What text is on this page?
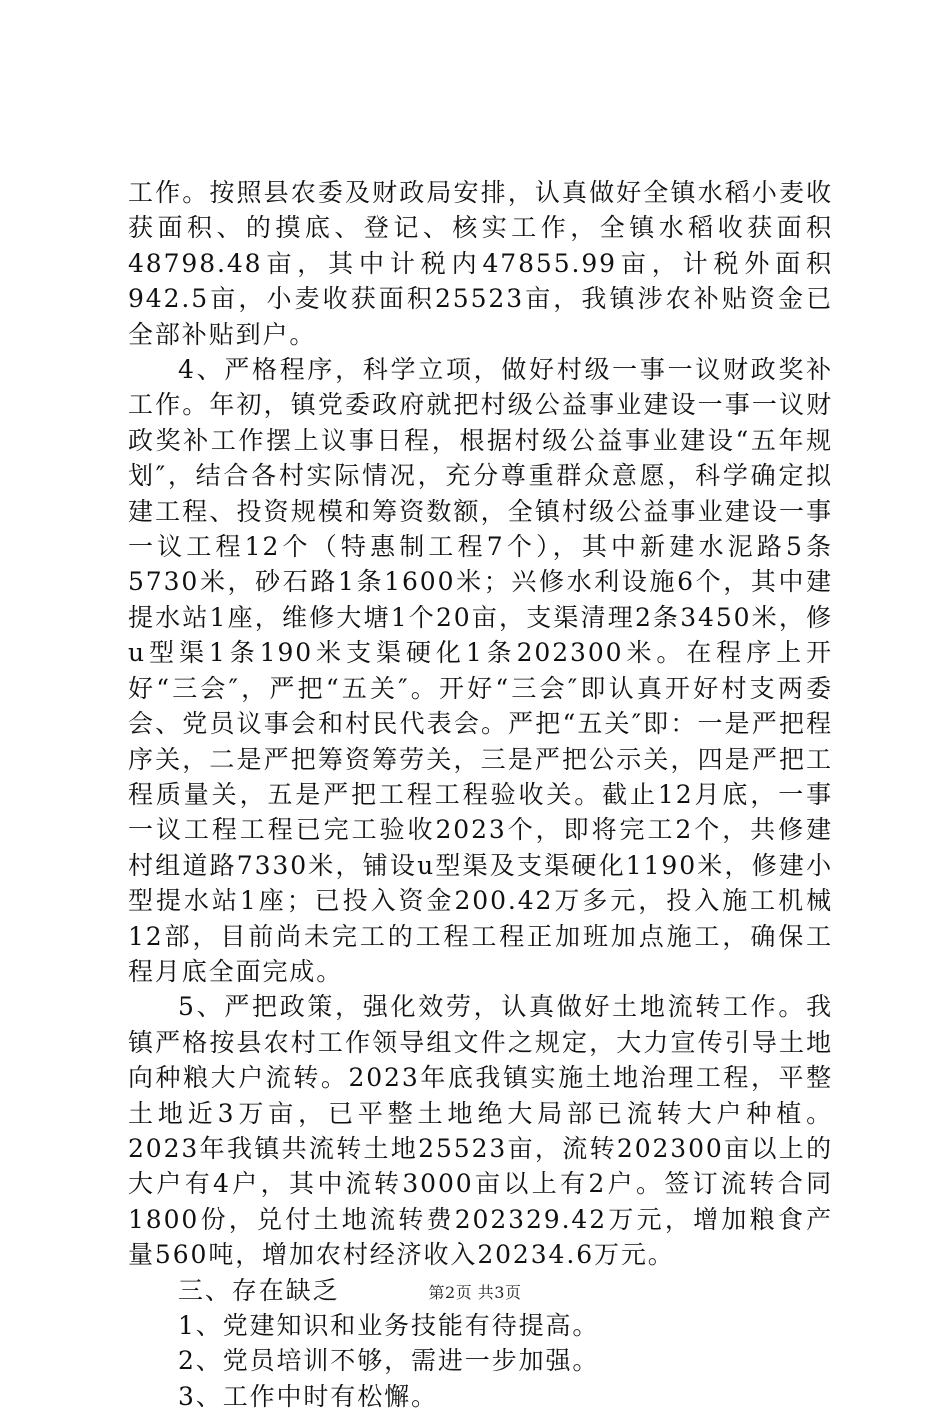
工作。按照县农委及财政局安排，认真做好全镇水稻小麦收获面积、的摸底、登记、核实工作，全镇水稻收获面积48798.48亩，其中计税内47855.99亩，计税外面积942.5亩，小麦收获面积25523亩，我镇涉农补贴资金已全部补贴到户。

4、严格程序，科学立项，做好村级一事一议财政奖补工作。年初，镇党委政府就把村级公益事业建设一事一议财政奖补工作摆上议事日程，根据村级公益事业建设“五年规划″，结合各村实际情况，充分尊重群众意愿，科学确定拟建工程、投资规模和筹资数额，全镇村级公益事业建设一事一议工程12个（特惠制工程7个），其中新建水泥路5条5730米，砂石路1条1600米；兴修水利设施6个，其中建提水站1座，维修大塘1个20亩，支渠清理2条3450米，修u型渠1条190米支渠硬化1条202300米。在程序上开好“三会″，严把“五关″。开好“三会″即认真开好村支两委会、党员议事会和村民代表会。严把“五关″即：一是严把程序关，二是严把筹资筹劳关，三是严把公示关，四是严把工程质量关，五是严把工程工程验收关。截止12月底，一事一议工程工程已完工验收2023个，即将完工2个，共修建村组道路7330米，铺设u型渠及支渠硬化1190米，修建小型提水站1座；已投入资金200.42万多元，投入施工机械12部，目前尚未完工的工程工程正加班加点施工，确保工程月底全面完成。

5、严把政策，强化效劳，认真做好土地流转工作。我镇严格按县农村工作领导组文件之规定，大力宣传引导土地向种粮大户流转。2023年底我镇实施土地治理工程，平整土地近3万亩，已平整土地绝大局部已流转大户种植。2023年我镇共流转土地25523亩，流转202300亩以上的大户有4户，其中流转3000亩以上有2户。签订流转合同1800份，兑付土地流转费202329.42万元，增加粮食产量560吨，增加农村经济收入20234.6万元。

三、存在缺乏

1、党建知识和业务技能有待提高。

2、党员培训不够，需进一步加强。

3、工作中时有松懈。

第2页 共3页
